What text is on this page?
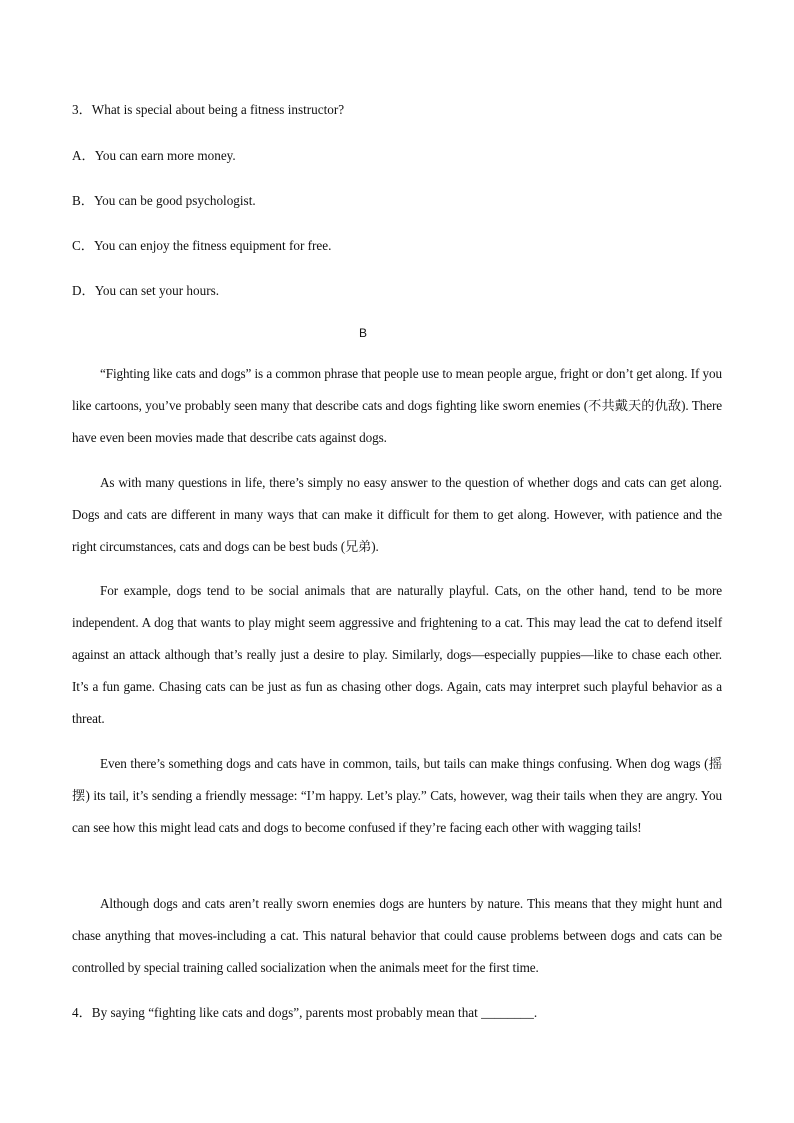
3．What is special about being a fitness instructor?
A．You can earn more money.
B．You can be good psychologist.
C．You can enjoy the fitness equipment for free.
D．You can set your hours.
B

“Fighting like cats and dogs” is a common phrase that people use to mean people argue, fright or don’t get along. If you like cartoons, you’ve probably seen many that describe cats and dogs fighting like sworn enemies (不共戴天的仇敌). There have even been movies made that describe cats against dogs.

As with many questions in life, there’s simply no easy answer to the question of whether dogs and cats can get along. Dogs and cats are different in many ways that can make it difficult for them to get along. However, with patience and the right circumstances, cats and dogs can be best buds (兄弟).

For example, dogs tend to be social animals that are naturally playful. Cats, on the other hand, tend to be more independent. A dog that wants to play might seem aggressive and frightening to a cat. This may lead the cat to defend itself against an attack although that’s really just a desire to play. Similarly, dogs—especially puppies—like to chase each other. It’s a fun game. Chasing cats can be just as fun as chasing other dogs. Again, cats may interpret such playful behavior as a threat.

Even there’s something dogs and cats have in common, tails, but tails can make things confusing. When dog wags (摇摆) its tail, it’s sending a friendly message: “I’m happy. Let’s play.” Cats, however, wag their tails when they are angry. You can see how this might lead cats and dogs to become confused if they’re facing each other with wagging tails!

Although dogs and cats aren’t really sworn enemies dogs are hunters by nature. This means that they might hunt and chase anything that moves-including a cat. This natural behavior that could cause problems between dogs and cats can be controlled by special training called socialization when the animals meet for the first time.

4．By saying “fighting like cats and dogs”, parents most probably mean that ________.
